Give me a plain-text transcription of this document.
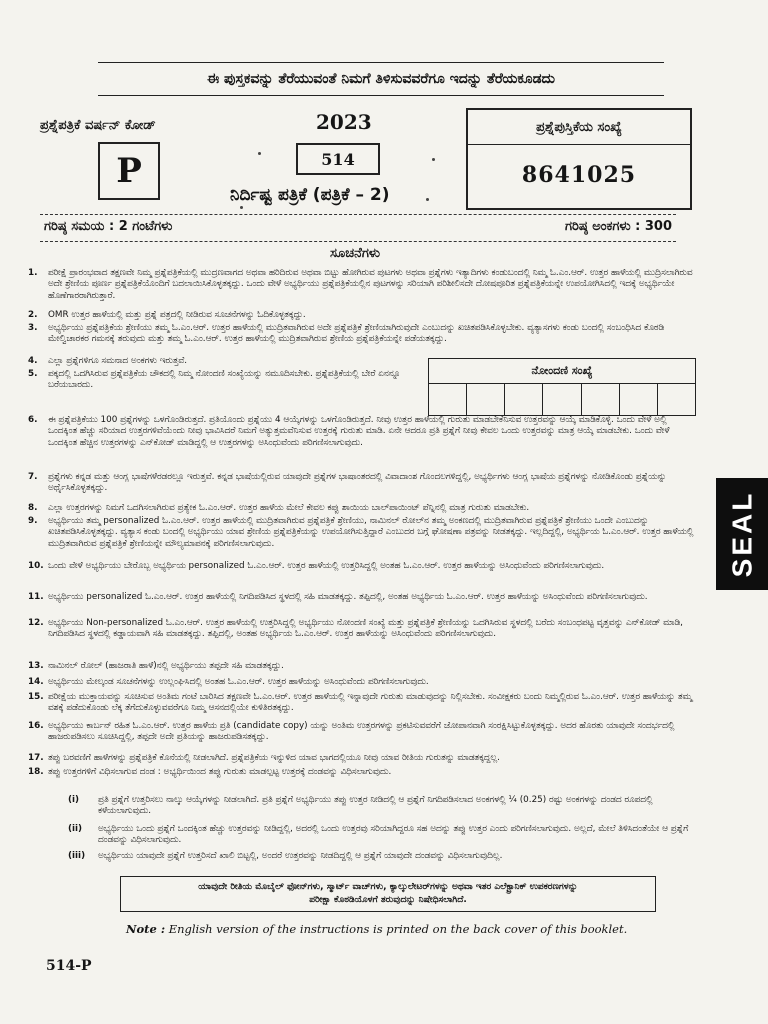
ಈ ಪುಸ್ತಕವನ್ನು ತೆರೆಯುವಂತೆ ನಿಮಗೆ ತಿಳಿಸುವವರೆಗೂ ಇದನ್ನು ತೆರೆಯಕೂಡದು
ಪ್ರಶ್ನೆಪತ್ರಿಕೆ ವರ್ಷನ್ ಕೋಡ್
P
2023
514
ನಿರ್ದಿಷ್ಟ ಪತ್ರಿಕೆ (ಪತ್ರಿಕೆ – 2)
ಪ್ರಶ್ನೆಪುಸ್ತಿಕೆಯ ಸಂಖ್ಯೆ
8641025
ಗರಿಷ್ಠ ಸಮಯ : 2 ಗಂಟೆಗಳು	ಗರಿಷ್ಠ ಅಂಕಗಳು : 300
ಸೂಚನೆಗಳು
ನೋಂದಣಿ ಸಂಖ್ಯೆ
1.	ಪರೀಕ್ಷೆ ಪ್ರಾರಂಭವಾದ ತಕ್ಷಣವೇ ನಿಮ್ಮ ಪ್ರಶ್ನೆಪತ್ರಿಕೆಯಲ್ಲಿ ಮುದ್ರಣವಾಗದ ಅಥವಾ ಹರಿದಿರುವ ಅಥವಾ ಬಿಟ್ಟು ಹೋಗಿರುವ ಪುಟಗಳು ಅಥವಾ ಪ್ರಶ್ನೆಗಳು ಇತ್ಯಾದಿಗಳು ಕಂಡುಬಂದಲ್ಲಿ ನಿಮ್ಮ ಓ.ಎಂ.ಆರ್. ಉತ್ತರ ಹಾಳೆಯಲ್ಲಿ ಮುದ್ರಿಸಲಾಗಿರುವ ಅದೇ ಶ್ರೇಣಿಯ ಪೂರ್ಣ ಪ್ರಶ್ನೆಪತ್ರಿಕೆಯೊಂದಿಗೆ ಬದಲಾಯಿಸಿಕೊಳ್ಳತಕ್ಕದ್ದು. ಒಂದು ವೇಳೆ ಅಭ್ಯರ್ಥಿಯು ಪ್ರಶ್ನೆಪತ್ರಿಕೆಯಲ್ಲಿನ ಪುಟಗಳನ್ನು ಸರಿಯಾಗಿ ಪರಿಶೀಲಿಸದೇ ದೋಷಪೂರಿತ ಪ್ರಶ್ನೆಪತ್ರಿಕೆಯನ್ನೇ ಉಪಯೋಗಿಸಿದಲ್ಲಿ ಇದಕ್ಕೆ ಅಭ್ಯರ್ಥಿಯೇ ಹೊಣೆಗಾರರಾಗಿರುತ್ತಾರೆ.
2.	OMR ಉತ್ತರ ಹಾಳೆಯಲ್ಲಿ ಮತ್ತು ಪ್ರಶ್ನೆ ಪತ್ರದಲ್ಲಿ ನೀಡಿರುವ ಸೂಚನೆಗಳನ್ನು ಓದಿಕೊಳ್ಳತಕ್ಕದ್ದು.
3.	ಅಭ್ಯರ್ಥಿಯು ಪ್ರಶ್ನೆಪತ್ರಿಕೆಯ ಶ್ರೇಣಿಯು ತಮ್ಮ ಓ.ಎಂ.ಆರ್. ಉತ್ತರ ಹಾಳೆಯಲ್ಲಿ ಮುದ್ರಿತವಾಗಿರುವ ಅದೇ ಪ್ರಶ್ನೆಪತ್ರಿಕೆ ಶ್ರೇಣಿಯಾಗಿರುವುದೇ ಎಂಬುದನ್ನು ಖಚಿತಪಡಿಸಿಕೊಳ್ಳಬೇಕು. ವ್ಯತ್ಯಾಸಗಳು ಕಂಡು ಬಂದಲ್ಲಿ ಸಂಬಂಧಿಸಿದ ಕೊಠಡಿ ಮೇಲ್ವಿಚಾರಕರ ಗಮನಕ್ಕೆ ತರುವುದು ಮತ್ತು ತಮ್ಮ ಓ.ಎಂ.ಆರ್. ಉತ್ತರ ಹಾಳೆಯಲ್ಲಿ ಮುದ್ರಿತವಾಗಿರುವ ಶ್ರೇಣಿಯ ಪ್ರಶ್ನೆಪತ್ರಿಕೆಯನ್ನೇ ಪಡೆಯತಕ್ಕದ್ದು.
4.	ಎಲ್ಲಾ ಪ್ರಶ್ನೆಗಳಿಗೂ ಸಮನಾದ ಅಂಕಗಳು ಇರುತ್ತವೆ.
5.	ಪಕ್ಕದಲ್ಲಿ ಒದಗಿಸಿರುವ ಪ್ರಶ್ನೆಪತ್ರಿಕೆಯ ಚೌಕದಲ್ಲಿ ನಿಮ್ಮ ನೋಂದಣಿ ಸಂಖ್ಯೆಯನ್ನು ನಮೂದಿಸಬೇಕು. ಪ್ರಶ್ನೆಪತ್ರಿಕೆಯಲ್ಲಿ ಬೇರೆ ಏನನ್ನೂ ಬರೆಯಬಾರದು.
6.	ಈ ಪ್ರಶ್ನೆಪತ್ರಿಕೆಯು 100 ಪ್ರಶ್ನೆಗಳನ್ನು ಒಳಗೊಂಡಿರುತ್ತದೆ. ಪ್ರತಿಯೊಂದು ಪ್ರಶ್ನೆಯು 4 ಆಯ್ಕೆಗಳನ್ನು ಒಳಗೊಂಡಿರುತ್ತದೆ. ನೀವು ಉತ್ತರ ಹಾಳೆಯಲ್ಲಿ ಗುರುತು ಮಾಡಬೇಕೆನಿಸುವ ಉತ್ತರವನ್ನು ಆಯ್ಕೆ ಮಾಡಿಕೊಳ್ಳಿ. ಒಂದು ವೇಳೆ ಅಲ್ಲಿ ಒಂದಕ್ಕಿಂತ ಹೆಚ್ಚು ಸರಿಯಾದ ಉತ್ತರಗಳಿವೆಯೆಂದು ನೀವು ಭಾವಿಸಿದರೆ ನಿಮಗೆ ಅತ್ಯುತ್ತಮವೆನಿಸುವ ಉತ್ತರಕ್ಕೆ ಗುರುತು ಮಾಡಿ. ಏನೇ ಆದರೂ ಪ್ರತಿ ಪ್ರಶ್ನೆಗೆ ನೀವು ಕೇವಲ ಒಂದು ಉತ್ತರವನ್ನು ಮಾತ್ರ ಆಯ್ಕೆ ಮಾಡಬೇಕು. ಒಂದು ವೇಳೆ ಒಂದಕ್ಕಿಂತ ಹೆಚ್ಚಿನ ಉತ್ತರಗಳನ್ನು ಎನ್‌ಕೋಡ್ ಮಾಡಿದ್ದಲ್ಲಿ ಆ ಉತ್ತರಗಳನ್ನು ಅಸಿಂಧುವೆಂದು ಪರಿಗಣಿಸಲಾಗುವುದು.
7.	ಪ್ರಶ್ನೆಗಳು ಕನ್ನಡ ಮತ್ತು ಆಂಗ್ಲ ಭಾಷೆಗಳೆರಡರಲ್ಲೂ ಇರುತ್ತವೆ. ಕನ್ನಡ ಭಾಷೆಯಲ್ಲಿರುವ ಯಾವುದೇ ಪ್ರಶ್ನೆಗಳ ಭಾಷಾಂತರದಲ್ಲಿ ವಿವಾದಾಂಶ ಗೊಂದಲಗಳಿದ್ದಲ್ಲಿ, ಅಭ್ಯರ್ಥಿಗಳು ಆಂಗ್ಲ ಭಾಷೆಯ ಪ್ರಶ್ನೆಗಳನ್ನು ನೋಡಿಕೊಂಡು ಪ್ರಶ್ನೆಯನ್ನು ಅರ್ಥೈಸಿಕೊಳ್ಳತಕ್ಕದ್ದು.
8.	ಎಲ್ಲಾ ಉತ್ತರಗಳನ್ನು ನಿಮಗೆ ಒದಗಿಸಲಾಗಿರುವ ಪ್ರತ್ಯೇಕ ಓ.ಎಂ.ಆರ್. ಉತ್ತರ ಹಾಳೆಯ ಮೇಲೆ ಕೇವಲ ಕಪ್ಪು ಶಾಯಿಯ ಬಾಲ್‌ಪಾಯಿಂಟ್ ಪೆನ್ನಿನಲ್ಲಿ ಮಾತ್ರ ಗುರುತು ಮಾಡಬೇಕು.
9.	ಅಭ್ಯರ್ಥಿಯು ತಮ್ಮ personalized ಓ.ಎಂ.ಆರ್. ಉತ್ತರ ಹಾಳೆಯಲ್ಲಿ ಮುದ್ರಿತವಾಗಿರುವ ಪ್ರಶ್ನೆಪತ್ರಿಕೆ ಶ್ರೇಣಿಯು, ನಾಮಿನಲ್ ರೋಲ್‌ನ ತಮ್ಮ ಅಂಕಣದಲ್ಲಿ ಮುದ್ರಿತವಾಗಿರುವ ಪ್ರಶ್ನೆಪತ್ರಿಕೆ ಶ್ರೇಣಿಯು ಒಂದೇ ಎಂಬುದನ್ನು ಖಚಿತಪಡಿಸಿಕೊಳ್ಳತಕ್ಕದ್ದು. ವ್ಯತ್ಯಾಸ ಕಂಡು ಬಂದಲ್ಲಿ ಅಭ್ಯರ್ಥಿಯು ಯಾವ ಶ್ರೇಣಿಯ ಪ್ರಶ್ನೆಪತ್ರಿಕೆಯನ್ನು ಉಪಯೋಗಿಸುತ್ತಿದ್ದಾರೆ ಎಂಬುದರ ಬಗ್ಗೆ ಘೋಷಣಾ ಪತ್ರವನ್ನು ನೀಡತಕ್ಕದ್ದು. ಇಲ್ಲದಿದ್ದಲ್ಲಿ, ಅಭ್ಯರ್ಥಿಯ ಓ.ಎಂ.ಆರ್. ಉತ್ತರ ಹಾಳೆಯಲ್ಲಿ ಮುದ್ರಿತವಾಗಿರುವ ಪ್ರಶ್ನೆಪತ್ರಿಕೆ ಶ್ರೇಣಿಯನ್ನೇ ಮೌಲ್ಯಮಾಪನಕ್ಕೆ ಪರಿಗಣಿಸಲಾಗುವುದು.
10. ಒಂದು ವೇಳೆ ಅಭ್ಯರ್ಥಿಯು ಬೇರೊಬ್ಬ ಅಭ್ಯರ್ಥಿಯ personalized ಓ.ಎಂ.ಆರ್. ಉತ್ತರ ಹಾಳೆಯಲ್ಲಿ ಉತ್ತರಿಸಿದ್ದಲ್ಲಿ ಅಂತಹ ಓ.ಎಂ.ಆರ್. ಉತ್ತರ ಹಾಳೆಯನ್ನು ಅಸಿಂಧುವೆಂದು ಪರಿಗಣಿಸಲಾಗುವುದು.
11. ಅಭ್ಯರ್ಥಿಯು personalized ಓ.ಎಂ.ಆರ್. ಉತ್ತರ ಹಾಳೆಯಲ್ಲಿ ನಿಗದಿಪಡಿಸಿದ ಸ್ಥಳದಲ್ಲಿ ಸಹಿ ಮಾಡತಕ್ಕದ್ದು. ತಪ್ಪಿದಲ್ಲಿ, ಅಂತಹ ಅಭ್ಯರ್ಥಿಯ ಓ.ಎಂ.ಆರ್. ಉತ್ತರ ಹಾಳೆಯನ್ನು ಅಸಿಂಧುವೆಂದು ಪರಿಗಣಿಸಲಾಗುವುದು.
12. ಅಭ್ಯರ್ಥಿಯು Non-personalized ಓ.ಎಂ.ಆರ್. ಉತ್ತರ ಹಾಳೆಯಲ್ಲಿ ಉತ್ತರಿಸಿದ್ದಲ್ಲಿ ಅಭ್ಯರ್ಥಿಯು ನೋಂದಣಿ ಸಂಖ್ಯೆ ಮತ್ತು ಪ್ರಶ್ನೆಪತ್ರಿಕೆ ಶ್ರೇಣಿಯನ್ನು ಒದಗಿಸಿರುವ ಸ್ಥಳದಲ್ಲಿ ಬರೆದು ಸಂಬಂಧಪಟ್ಟ ವೃತ್ತವನ್ನು ಎನ್‌ಕೋಡ್ ಮಾಡಿ, ನಿಗದಿಪಡಿಸಿದ ಸ್ಥಳದಲ್ಲಿ ಕಡ್ಡಾಯವಾಗಿ ಸಹಿ ಮಾಡತಕ್ಕದ್ದು. ತಪ್ಪಿದಲ್ಲಿ, ಅಂತಹ ಅಭ್ಯರ್ಥಿಯ ಓ.ಎಂ.ಆರ್. ಉತ್ತರ ಹಾಳೆಯನ್ನು ಅಸಿಂಧುವೆಂದು ಪರಿಗಣಿಸಲಾಗುವುದು.
13. ನಾಮಿನಲ್ ರೋಲ್‌ (ಹಾಜರಾತಿ ಹಾಳೆ)ನಲ್ಲಿ ಅಭ್ಯರ್ಥಿಯು ತಪ್ಪದೇ ಸಹಿ ಮಾಡತಕ್ಕದ್ದು.
14. ಅಭ್ಯರ್ಥಿಯು ಮೇಲ್ಕಂಡ ಸೂಚನೆಗಳನ್ನು ಉಲ್ಲಂಘಿಸಿದಲ್ಲಿ ಅಂತಹ ಓ.ಎಂ.ಆರ್. ಉತ್ತರ ಹಾಳೆಯನ್ನು ಅಸಿಂಧುವೆಂದು ಪರಿಗಣಿಸಲಾಗುವುದು.
15. ಪರೀಕ್ಷೆಯ ಮುಕ್ತಾಯವನ್ನು ಸೂಚಿಸುವ ಅಂತಿಮ ಗಂಟೆ ಬಾರಿಸಿದ ತಕ್ಷಣವೇ ಓ.ಎಂ.ಆರ್. ಉತ್ತರ ಹಾಳೆಯಲ್ಲಿ ಇನ್ನಾವುದೇ ಗುರುತು ಮಾಡುವುದನ್ನು ನಿಲ್ಲಿಸಬೇಕು. ಸಂವೀಕ್ಷಕರು ಬಂದು ನಿಮ್ಮಲ್ಲಿರುವ ಓ.ಎಂ.ಆರ್. ಉತ್ತರ ಹಾಳೆಯನ್ನು ತಮ್ಮ ವಶಕ್ಕೆ ಪಡೆದುಕೊಂಡು ಲೆಕ್ಕ ತೆಗೆದುಕೊಳ್ಳುವವರೆಗೂ ನಿಮ್ಮ ಆಸನದಲ್ಲಿಯೇ ಕುಳಿತಿರತಕ್ಕದ್ದು.
16. ಅಭ್ಯರ್ಥಿಯು ಕಾರ್ಬನ್ ರಹಿತ ಓ.ಎಂ.ಆರ್. ಉತ್ತರ ಹಾಳೆಯ ಪ್ರತಿ (candidate copy) ಯನ್ನು ಅಂತಿಮ ಉತ್ತರಗಳನ್ನು ಪ್ರಕಟಿಸುವವರೆಗೆ ಜೋಪಾನವಾಗಿ ಸಂರಕ್ಷಿಸಿಟ್ಟುಕೊಳ್ಳತಕ್ಕದ್ದು. ಅದರ ಹೊರತು ಯಾವುದೇ ಸಂದರ್ಭದಲ್ಲಿ ಹಾಜರುಪಡಿಸಲು ಸೂಚಿಸಿದ್ದಲ್ಲಿ, ತಪ್ಪದೇ ಅದೇ ಪ್ರತಿಯನ್ನು ಹಾಜರುಪಡಿಸತಕ್ಕದ್ದು.
17. ತಪ್ಪು ಬರವಣಿಗೆ ಹಾಳೆಗಳನ್ನು ಪ್ರಶ್ನೆಪತ್ರಿಕೆ ಕೊನೆಯಲ್ಲಿ ನೀಡಲಾಗಿದೆ. ಪ್ರಶ್ನೆಪತ್ರಿಕೆಯ ಇನ್ನುಳಿದ ಯಾವ ಭಾಗದಲ್ಲಿಯೂ ನೀವು ಯಾವ ರೀತಿಯ ಗುರುತನ್ನು ಮಾಡತಕ್ಕದ್ದಲ್ಲ.
18. ತಪ್ಪು ಉತ್ತರಗಳಿಗೆ ವಿಧಿಸಲಾಗುವ ದಂಡ : ಅಭ್ಯರ್ಥಿಯಿಂದ ತಪ್ಪು ಗುರುತು ಮಾಡಲ್ಪಟ್ಟ ಉತ್ತರಕ್ಕೆ ದಂಡವನ್ನು ವಿಧಿಸಲಾಗುವುದು.
(i) ಪ್ರತಿ ಪ್ರಶ್ನೆಗೆ ಉತ್ತರಿಸಲು ನಾಲ್ಕು ಆಯ್ಕೆಗಳನ್ನು ನೀಡಲಾಗಿದೆ. ಪ್ರತಿ ಪ್ರಶ್ನೆಗೆ ಅಭ್ಯರ್ಥಿಯು ತಪ್ಪು ಉತ್ತರ ನೀಡಿದಲ್ಲಿ ಆ ಪ್ರಶ್ನೆಗೆ ನಿಗದಿಪಡಿಸಲಾದ ಅಂಕಗಳಲ್ಲಿ ¼ (0.25) ರಷ್ಟು ಅಂಕಗಳನ್ನು ದಂಡದ ರೂಪದಲ್ಲಿ ಕಳೆಯಲಾಗುವುದು.
(ii) ಅಭ್ಯರ್ಥಿಯು ಒಂದು ಪ್ರಶ್ನೆಗೆ ಒಂದಕ್ಕಿಂತ ಹೆಚ್ಚು ಉತ್ತರವನ್ನು ನೀಡಿದ್ದಲ್ಲಿ, ಅದರಲ್ಲಿ ಒಂದು ಉತ್ತರವು ಸರಿಯಾಗಿದ್ದರೂ ಸಹ ಅದನ್ನು ತಪ್ಪು ಉತ್ತರ ಎಂದು ಪರಿಗಣಿಸಲಾಗುವುದು. ಅಲ್ಲದೆ, ಮೇಲೆ ತಿಳಿಸಿದಂತೆಯೇ ಆ ಪ್ರಶ್ನೆಗೆ ದಂಡವನ್ನು ವಿಧಿಸಲಾಗುವುದು.
(iii) ಅಭ್ಯರ್ಥಿಯು ಯಾವುದೇ ಪ್ರಶ್ನೆಗೆ ಉತ್ತರಿಸದೆ ಖಾಲಿ ಬಿಟ್ಟಲ್ಲಿ, ಅಂದರೆ ಉತ್ತರವನ್ನು ನೀಡದಿದ್ದಲ್ಲಿ ಆ ಪ್ರಶ್ನೆಗೆ ಯಾವುದೇ ದಂಡವನ್ನು ವಿಧಿಸಲಾಗುವುದಿಲ್ಲ.
ಯಾವುದೇ ರೀತಿಯ ಮೊಬೈಲ್ ಫೋನ್‌ಗಳು, ಸ್ಮಾರ್ಟ್ ವಾಚ್‌ಗಳು, ಕ್ಯಾಲ್ಕುಲೇಟರ್‌ಗಳನ್ನು ಅಥವಾ ಇತರ ಎಲೆಕ್ಟ್ರಾನಿಕ್ ಉಪಕರಣಗಳನ್ನು
ಪರೀಕ್ಷಾ ಕೊಠಡಿಯೊಳಗೆ ತರುವುದನ್ನು ನಿಷೇಧಿಸಲಾಗಿದೆ.
Note : English version of the instructions is printed on the back cover of this booklet.
514-P
SEAL
